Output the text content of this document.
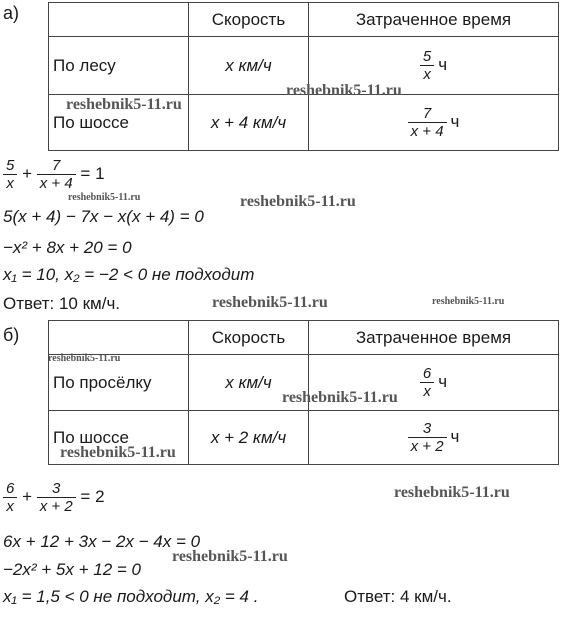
а)
		Скорость	Затраченное время
По лесу	x км/ч	$\frac{5}{x}$ ч
По шоссе	x + 4 км/ч	$\frac{7}{x + 4}$ ч
$\frac{5}{x} + \frac{7}{x + 4} = 1$
5(x + 4) − 7x − x(x + 4) = 0
−x² + 8x + 20 = 0
x₁ = 10, x₂ = −2 < 0 не подходит
Ответ: 10 км/ч.
б)
		Скорость	Затраченное время
По просёлку	x км/ч	$\frac{6}{x}$ ч
По шоссе	x + 2 км/ч	$\frac{3}{x + 2}$ ч
$\frac{6}{x} + \frac{3}{x + 2} = 2$
6x + 12 + 3x − 2x − 4x = 0
−2x² + 5x + 12 = 0
x₁ = 1,5 < 0 не подходит, x₂ = 4 .	Ответ: 4 км/ч.
reshebnik5-11.ru
reshebnik5-11.ru
reshebnik5-11.ru	reshebnik5-11.ru
reshebnik5-11.ru	reshebnik5-11.ru
reshebnik5-11.ru
reshebnik5-11.ru
reshebnik5-11.ru
reshebnik5-11.ru
reshebnik5-11.ru
